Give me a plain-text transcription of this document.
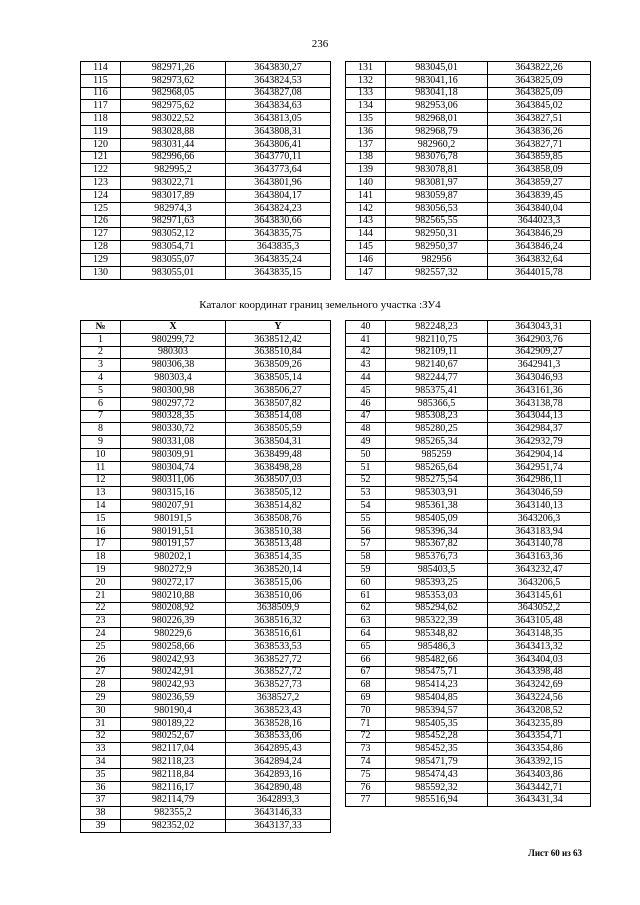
236
114	982971,26	3643830,27
115	982973,62	3643824,53
116	982968,05	3643827,08
117	982975,62	3643834,63
118	983022,52	3643813,05
119	983028,88	3643808,31
120	983031,44	3643806,41
121	982996,66	3643770,11
122	982995,2	3643773,64
123	983022,71	3643801,96
124	983017,89	3643804,17
125	982974,3	3643824,23
126	982971,63	3643830,66
127	983052,12	3643835,75
128	983054,71	3643835,3
129	983055,07	3643835,24
130	983055,01	3643835,15
131	983045,01	3643822,26
132	983041,16	3643825,09
133	983041,18	3643825,09
134	982953,06	3643845,02
135	982968,01	3643827,51
136	982968,79	3643836,26
137	982960,2	3643827,71
138	983076,78	3643859,85
139	983078,81	3643858,09
140	983081,97	3643859,27
141	983059,87	3643839,45
142	983056,53	3643840,04
143	982565,55	3644023,3
144	982950,31	3643846,29
145	982950,37	3643846,24
146	982956	3643832,64
147	982557,32	3644015,78
Каталог координат границ земельного участка :ЗУ4
№	X	Y
1	980299,72	3638512,42
2	980303	3638510,84
3	980306,38	3638509,26
4	980303,4	3638505,14
5	980300,98	3638506,27
6	980297,72	3638507,82
7	980328,35	3638514,08
8	980330,72	3638505,59
9	980331,08	3638504,31
10	980309,91	3638499,48
11	980304,74	3638498,28
12	980311,06	3638507,03
13	980315,16	3638505,12
14	980207,91	3638514,82
15	980191,5	3638508,76
16	980191,51	3638510,38
17	980191,57	3638513,48
18	980202,1	3638514,35
19	980272,9	3638520,14
20	980272,17	3638515,06
21	980210,88	3638510,06
22	980208,92	3638509,9
23	980226,39	3638516,32
24	980229,6	3638516,61
25	980258,66	3638533,53
26	980242,93	3638527,72
27	980242,91	3638527,72
28	980242,93	3638527,73
29	980236,59	3638527,2
30	980190,4	3638523,43
31	980189,22	3638528,16
32	980252,67	3638533,06
33	982117,04	3642895,43
34	982118,23	3642894,24
35	982118,84	3642893,16
36	982116,17	3642890,48
37	982114,79	3642893,3
38	982355,2	3643146,33
39	982352,02	3643137,33
40	982248,23	3643043,31
41	982110,75	3642903,76
42	982109,11	3642909,27
43	982140,67	3642941,3
44	982244,77	3643046,93
45	985375,41	3643161,36
46	985366,5	3643138,78
47	985308,23	3643044,13
48	985280,25	3642984,37
49	985265,34	3642932,79
50	985259	3642904,14
51	985265,64	3642951,74
52	985275,54	3642986,11
53	985303,91	3643046,59
54	985361,38	3643140,13
55	985405,09	3643206,3
56	985396,34	3643183,94
57	985367,82	3643140,78
58	985376,73	3643163,36
59	985403,5	3643232,47
60	985393,25	3643206,5
61	985353,03	3643145,61
62	985294,62	3643052,2
63	985322,39	3643105,48
64	985348,82	3643148,35
65	985486,3	3643413,32
66	985482,66	3643404,03
67	985475,71	3643398,48
68	985414,23	3643242,69
69	985404,85	3643224,56
70	985394,57	3643208,52
71	985405,35	3643235,89
72	985452,28	3643354,71
73	985452,35	3643354,86
74	985471,79	3643392,15
75	985474,43	3643403,86
76	985592,32	3643442,71
77	985516,94	3643431,34
Лист 60 из 63
